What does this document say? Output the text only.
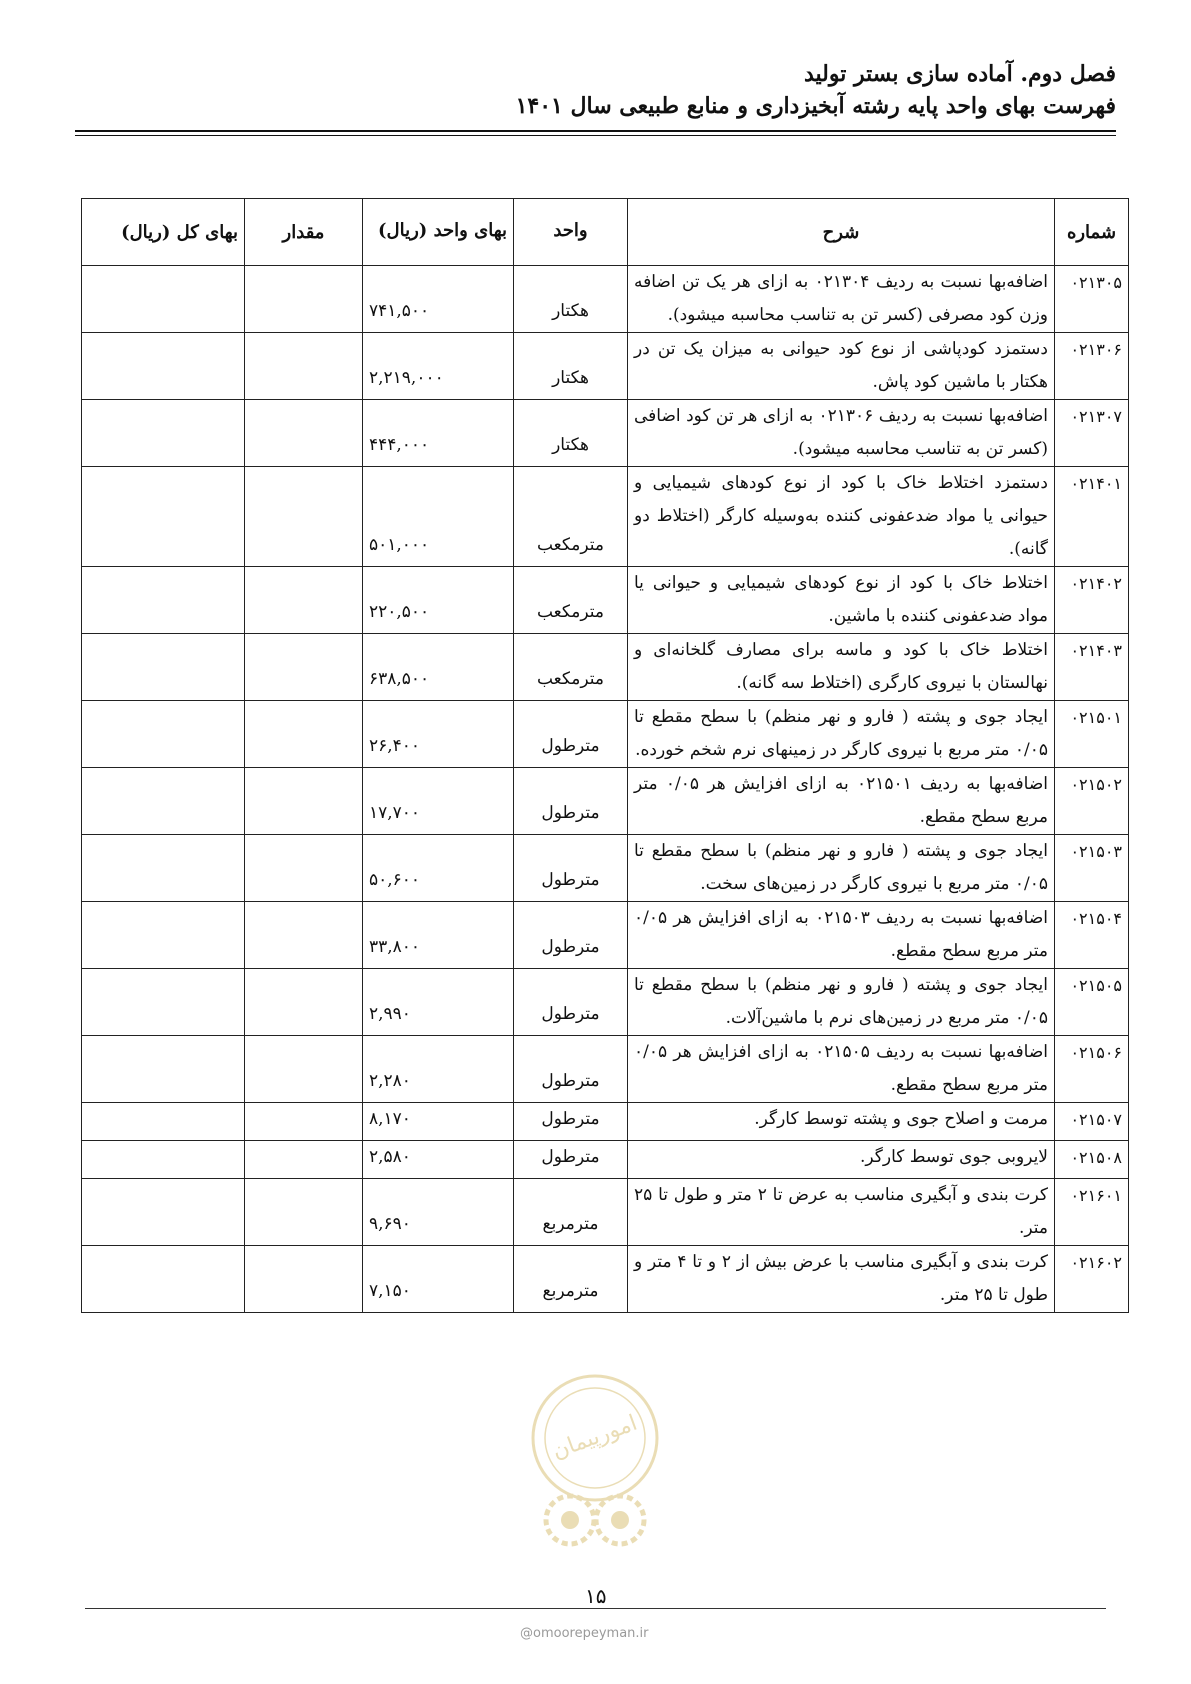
فصل دوم. آماده سازی بستر تولید
فهرست بهای واحد پایه رشته آبخیزداری و منابع طبیعی سال ۱۴۰۱
شماره	شرح	واحد	بهای واحد (ریال)	مقدار	بهای کل (ریال)
۰۲۱۳۰۵	اضافه‌بها نسبت به ردیف ۰۲۱۳۰۴ به ازای هر یک تن اضافه وزن کود مصرفی (کسر تن به تناسب محاسبه میشود).	هکتار	۷۴۱,۵۰۰		
۰۲۱۳۰۶	دستمزد کودپاشی از نوع کود حیوانی به میزان یک تن در هکتار با ماشین کود پاش.	هکتار	۲,۲۱۹,۰۰۰		
۰۲۱۳۰۷	اضافه‌بها نسبت به ردیف ۰۲۱۳۰۶ به ازای هر تن کود اضافی (کسر تن به تناسب محاسبه میشود).	هکتار	۴۴۴,۰۰۰		
۰۲۱۴۰۱	دستمزد اختلاط خاک با کود از نوع کودهای شیمیایی و حیوانی یا مواد ضدعفونی کننده به‌وسیله کارگر (اختلاط دو گانه).	مترمکعب	۵۰۱,۰۰۰		
۰۲۱۴۰۲	اختلاط خاک با کود از نوع کودهای شیمیایی و حیوانی یا مواد ضدعفونی کننده با ماشین.	مترمکعب	۲۲۰,۵۰۰		
۰۲۱۴۰۳	اختلاط خاک با کود و ماسه برای مصارف گلخانه‌ای و نهالستان با نیروی کارگری (اختلاط سه گانه).	مترمکعب	۶۳۸,۵۰۰		
۰۲۱۵۰۱	ایجاد جوی و پشته ( فارو و نهر منظم) با سطح مقطع تا ۰/۰۵ متر مربع با نیروی کارگر در زمینهای نرم شخم خورده.	مترطول	۲۶,۴۰۰		
۰۲۱۵۰۲	اضافه‌بها به ردیف ۰۲۱۵۰۱ به ازای افزایش هر ۰/۰۵ متر مربع سطح مقطع.	مترطول	۱۷,۷۰۰		
۰۲۱۵۰۳	ایجاد جوی و پشته ( فارو و نهر منظم) با سطح مقطع تا ۰/۰۵ متر مربع با نیروی کارگر در زمین‌های سخت.	مترطول	۵۰,۶۰۰		
۰۲۱۵۰۴	اضافه‌بها نسبت به ردیف ۰۲۱۵۰۳ به ازای افزایش هر ۰/۰۵ متر مربع سطح مقطع.	مترطول	۳۳,۸۰۰		
۰۲۱۵۰۵	ایجاد جوی و پشته ( فارو و نهر منظم) با سطح مقطع تا ۰/۰۵ متر مربع در زمین‌های نرم با ماشین‌آلات.	مترطول	۲,۹۹۰		
۰۲۱۵۰۶	اضافه‌بها نسبت به ردیف ۰۲۱۵۰۵ به ازای افزایش هر ۰/۰۵ متر مربع سطح مقطع.	مترطول	۲,۲۸۰		
۰۲۱۵۰۷	مرمت و اصلاح جوی و پشته توسط کارگر.	مترطول	۸,۱۷۰		
۰۲۱۵۰۸	لایروبی جوی توسط کارگر.	مترطول	۲,۵۸۰		
۰۲۱۶۰۱	کرت بندی و آبگیری مناسب به عرض تا ۲ متر و طول تا ۲۵ متر.	مترمربع	۹,۶۹۰		
۰۲۱۶۰۲	کرت بندی و آبگیری مناسب با عرض بیش از ۲ و تا ۴ متر و طول تا ۲۵ متر.	مترمربع	۷,۱۵۰		
امورپیمان
۱۵
@omoorepeyman.ir
